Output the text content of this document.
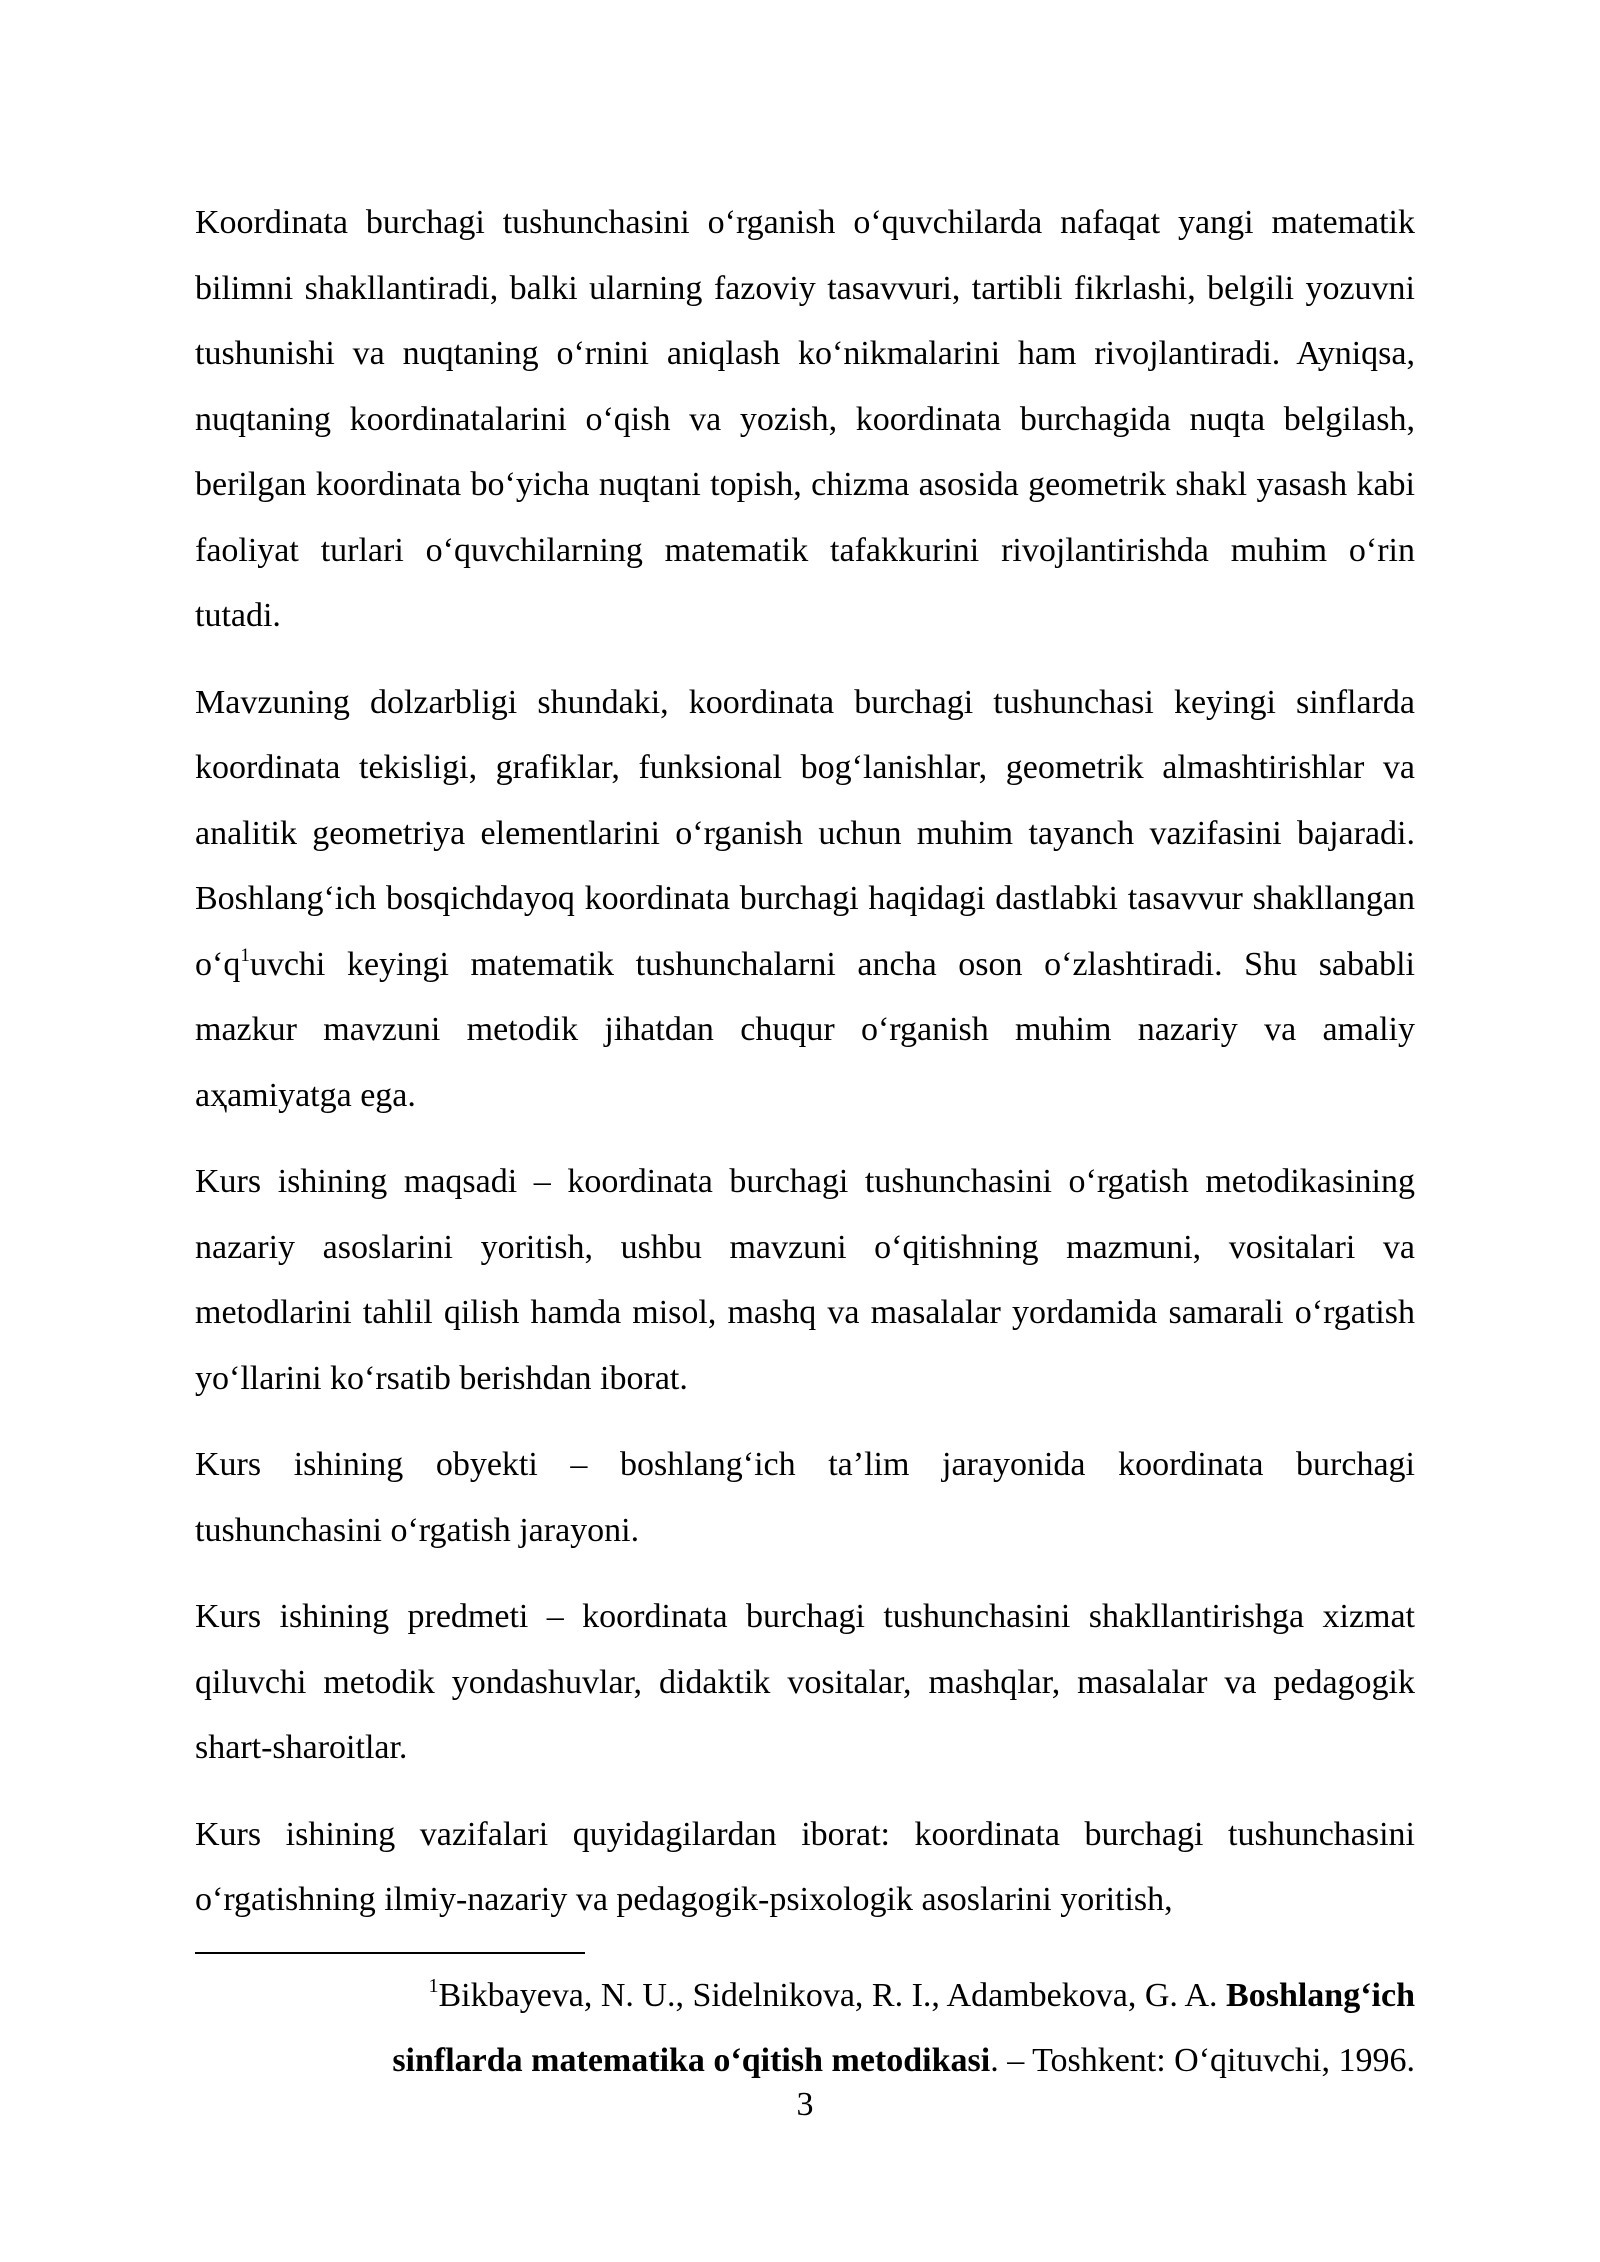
Koordinata burchagi tushunchasini o‘rganish o‘quvchilarda nafaqat yangi matematik bilimni shakllantiradi, balki ularning fazoviy tasavvuri, tartibli fikrlashi, belgili yozuvni tushunishi va nuqtaning o‘rnini aniqlash ko‘nikmalarini ham rivojlantiradi. Ayniqsa, nuqtaning koordinatalarini o‘qish va yozish, koordinata burchagida nuqta belgilash, berilgan koordinata bo‘yicha nuqtani topish, chizma asosida geometrik shakl yasash kabi faoliyat turlari o‘quvchilarning matematik tafakkurini rivojlantirishda muhim o‘rin tutadi.

Mavzuning dolzarbligi shundaki, koordinata burchagi tushunchasi keyingi sinflarda koordinata tekisligi, grafiklar, funksional bog‘lanishlar, geometrik almashtirishlar va analitik geometriya elementlarini o‘rganish uchun muhim tayanch vazifasini bajaradi. Boshlang‘ich bosqichdayoq koordinata burchagi haqidagi dastlabki tasavvur shakllangan $o‘q^1uvchi$ keyingi matematik tushunchalarni ancha oson o‘zlashtiradi. Shu sababli mazkur mavzuni metodik jihatdan chuqur o‘rganish muhim nazariy va amaliy aҳamiyatga ega.

Kurs ishining maqsadi – koordinata burchagi tushunchasini o‘rgatish metodikasining nazariy asoslarini yoritish, ushbu mavzuni o‘qitishning mazmuni, vositalari va metodlarini tahlil qilish hamda misol, mashq va masalalar yordamida samarali o‘rgatish yo‘llarini ko‘rsatib berishdan iborat.

Kurs ishining obyekti – boshlang‘ich ta’lim jarayonida koordinata burchagi tushunchasini o‘rgatish jarayoni.

Kurs ishining predmeti – koordinata burchagi tushunchasini shakllantirishga xizmat qiluvchi metodik yondashuvlar, didaktik vositalar, mashqlar, masalalar va pedagogik shart-sharoitlar.

Kurs ishining vazifalari quyidagilardan iborat: koordinata burchagi tushunchasini o‘rgatishning ilmiy-nazariy va pedagogik-psixologik asoslarini yoritish,

1Bikbayeva, N. U., Sidelnikova, R. I., Adambekova, G. A. Boshlang‘ich
sinflarda matematika o‘qitish metodikasi. – Toshkent: O‘qituvchi, 1996.
3
